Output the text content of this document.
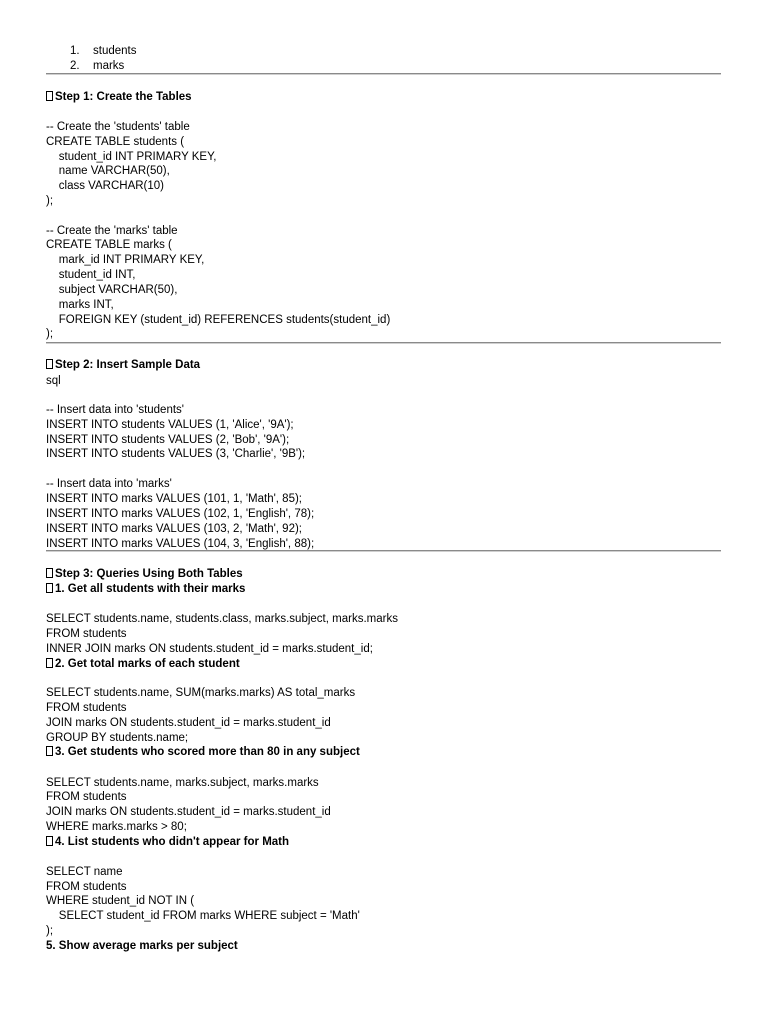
1. students
2. marks
Step 1: Create the Tables
-- Create the 'students' table
CREATE TABLE students (
student_id INT PRIMARY KEY,
name VARCHAR(50),
class VARCHAR(10)
);
-- Create the 'marks' table
CREATE TABLE marks (
mark_id INT PRIMARY KEY,
student_id INT,
subject VARCHAR(50),
marks INT,
FOREIGN KEY (student_id) REFERENCES students(student_id)
);
Step 2: Insert Sample Data
sql
-- Insert data into 'students'
INSERT INTO students VALUES (1, 'Alice', '9A');
INSERT INTO students VALUES (2, 'Bob', '9A');
INSERT INTO students VALUES (3, 'Charlie', '9B');
-- Insert data into 'marks'
INSERT INTO marks VALUES (101, 1, 'Math', 85);
INSERT INTO marks VALUES (102, 1, 'English', 78);
INSERT INTO marks VALUES (103, 2, 'Math', 92);
INSERT INTO marks VALUES (104, 3, 'English', 88);
Step 3: Queries Using Both Tables
1. Get all students with their marks
SELECT students.name, students.class, marks.subject, marks.marks
FROM students
INNER JOIN marks ON students.student_id = marks.student_id;
2. Get total marks of each student
SELECT students.name, SUM(marks.marks) AS total_marks
FROM students
JOIN marks ON students.student_id = marks.student_id
GROUP BY students.name;
3. Get students who scored more than 80 in any subject
SELECT students.name, marks.subject, marks.marks
FROM students
JOIN marks ON students.student_id = marks.student_id
WHERE marks.marks > 80;
4. List students who didn't appear for Math
SELECT name
FROM students
WHERE student_id NOT IN (
SELECT student_id FROM marks WHERE subject = 'Math'
);
5. Show average marks per subject
